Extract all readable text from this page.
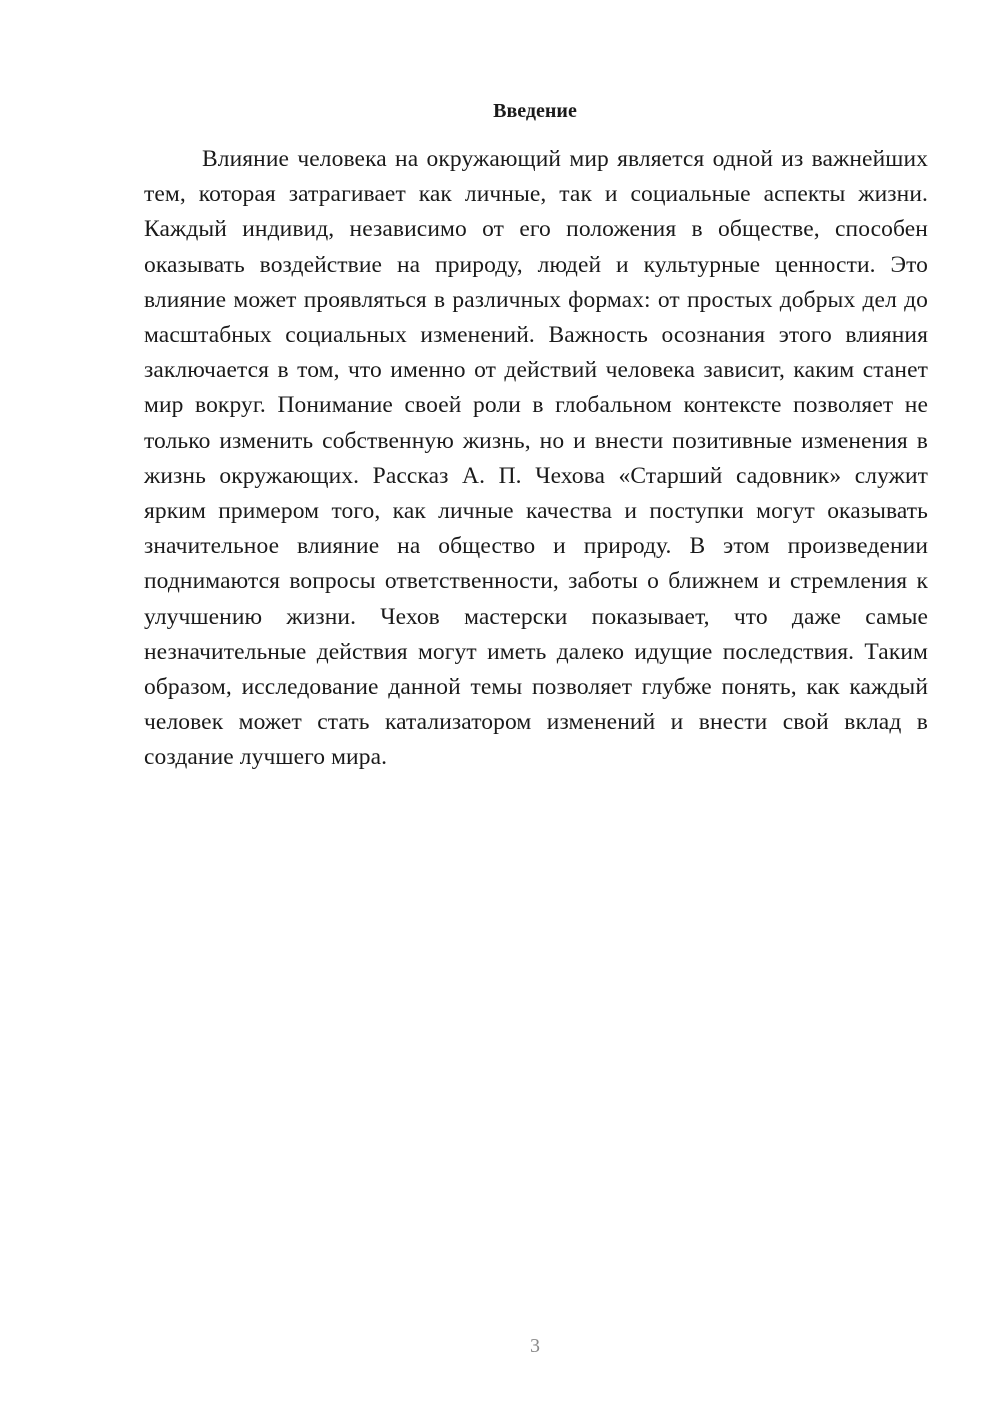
Введение

Влияние человека на окружающий мир является одной из важнейших тем, которая затрагивает как личные, так и социальные аспекты жизни. Каждый индивид, независимо от его положения в обществе, способен оказывать воздействие на природу, людей и культурные ценности. Это влияние может проявляться в различных формах: от простых добрых дел до масштабных социальных изменений. Важность осознания этого влияния заключается в том, что именно от действий человека зависит, каким станет мир вокруг. Понимание своей роли в глобальном контексте позволяет не только изменить собственную жизнь, но и внести позитивные изменения в жизнь окружающих. Рассказ А. П. Чехова «Старший садовник» служит ярким примером того, как личные качества и поступки могут оказывать значительное влияние на общество и природу. В этом произведении поднимаются вопросы ответственности, заботы о ближнем и стремления к улучшению жизни. Чехов мастерски показывает, что даже самые незначительные действия могут иметь далеко идущие последствия. Таким образом, исследование данной темы позволяет глубже понять, как каждый человек может стать катализатором изменений и внести свой вклад в создание лучшего мира.

3
